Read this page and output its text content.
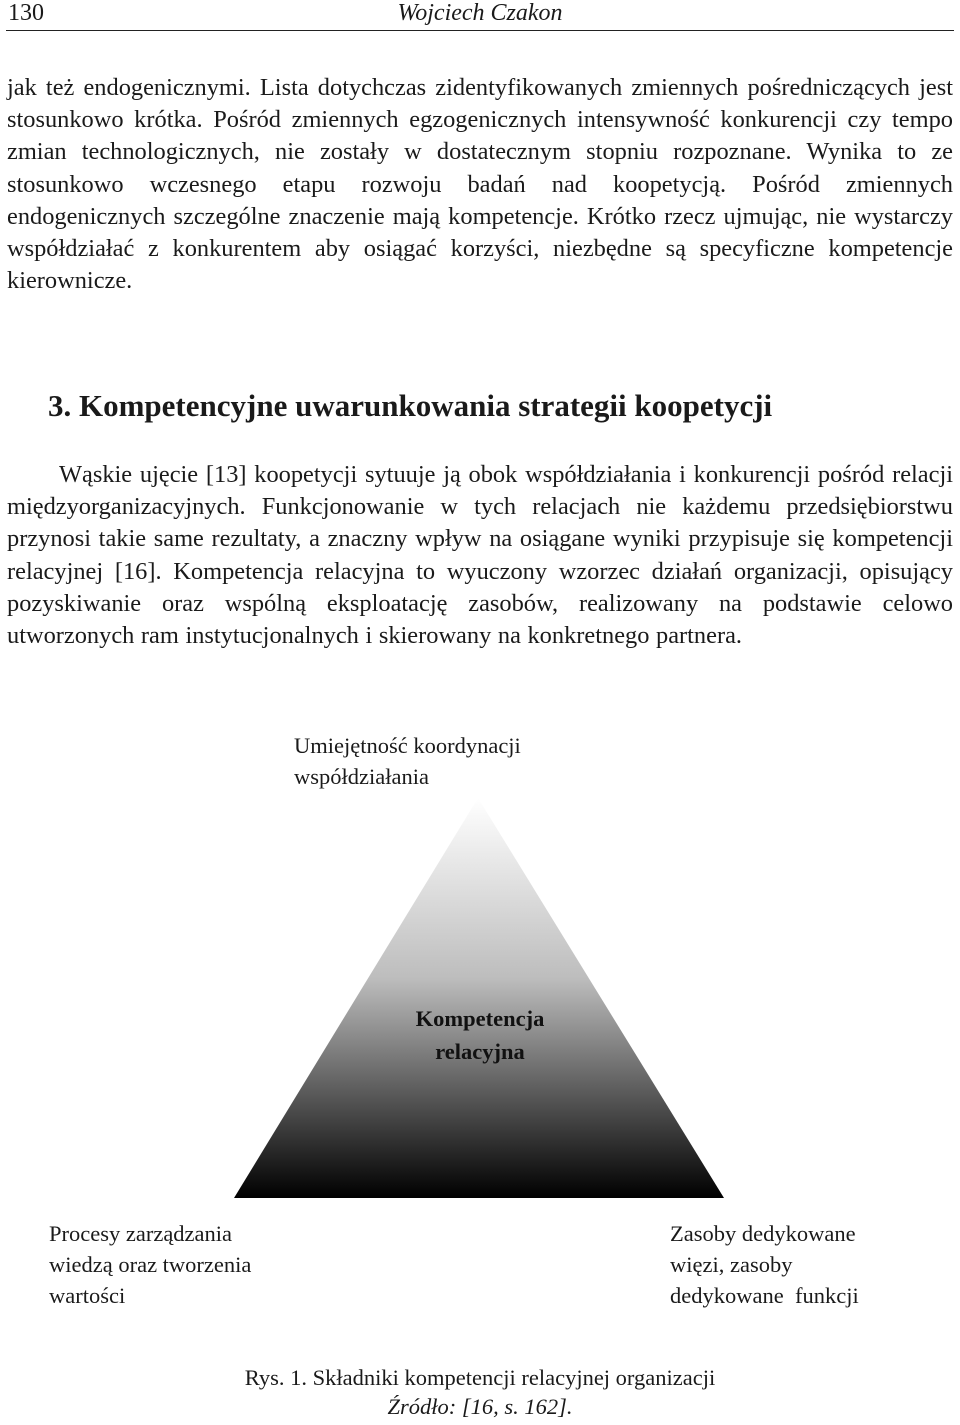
130	Wojciech Czakon

jak też endogenicznymi. Lista dotychczas zidentyfikowanych zmiennych pośredniczących jest stosunkowo krótka. Pośród zmiennych egzogenicznych intensywność konkurencji czy tempo zmian technologicznych, nie zostały w dostatecznym stopniu rozpoznane. Wynika to ze stosunkowo wczesnego etapu rozwoju badań nad koopetycją. Pośród zmiennych endogenicznych szczególne znaczenie mają kompetencje. Krótko rzecz ujmując, nie wystarczy współdziałać z konkurentem aby osiągać korzyści, niezbędne są specyficzne kompetencje kierownicze.

3. Kompetencyjne uwarunkowania strategii koopetycji

Wąskie ujęcie [13] koopetycji sytuuje ją obok współdziałania i konkurencji pośród relacji międzyorganizacyjnych. Funkcjonowanie w tych relacjach nie każdemu przedsiębiorstwu przynosi takie same rezultaty, a znaczny wpływ na osiągane wyniki przypisuje się kompetencji relacyjnej [16]. Kompetencja relacyjna to wyuczony wzorzec działań organizacji, opisujący pozyskiwanie oraz wspólną eksploatację zasobów, realizowany na podstawie celowo utworzonych ram instytucjonalnych i skierowany na konkretnego partnera.

Umiejętność koordynacji
współdziałania

Kompetencja
relacyjna

Procesy zarządzania
wiedzą oraz tworzenia
wartości

Zasoby dedykowane
więzi, zasoby
dedykowane  funkcji

Rys. 1. Składniki kompetencji relacyjnej organizacji

Źródło: [16, s. 162].
